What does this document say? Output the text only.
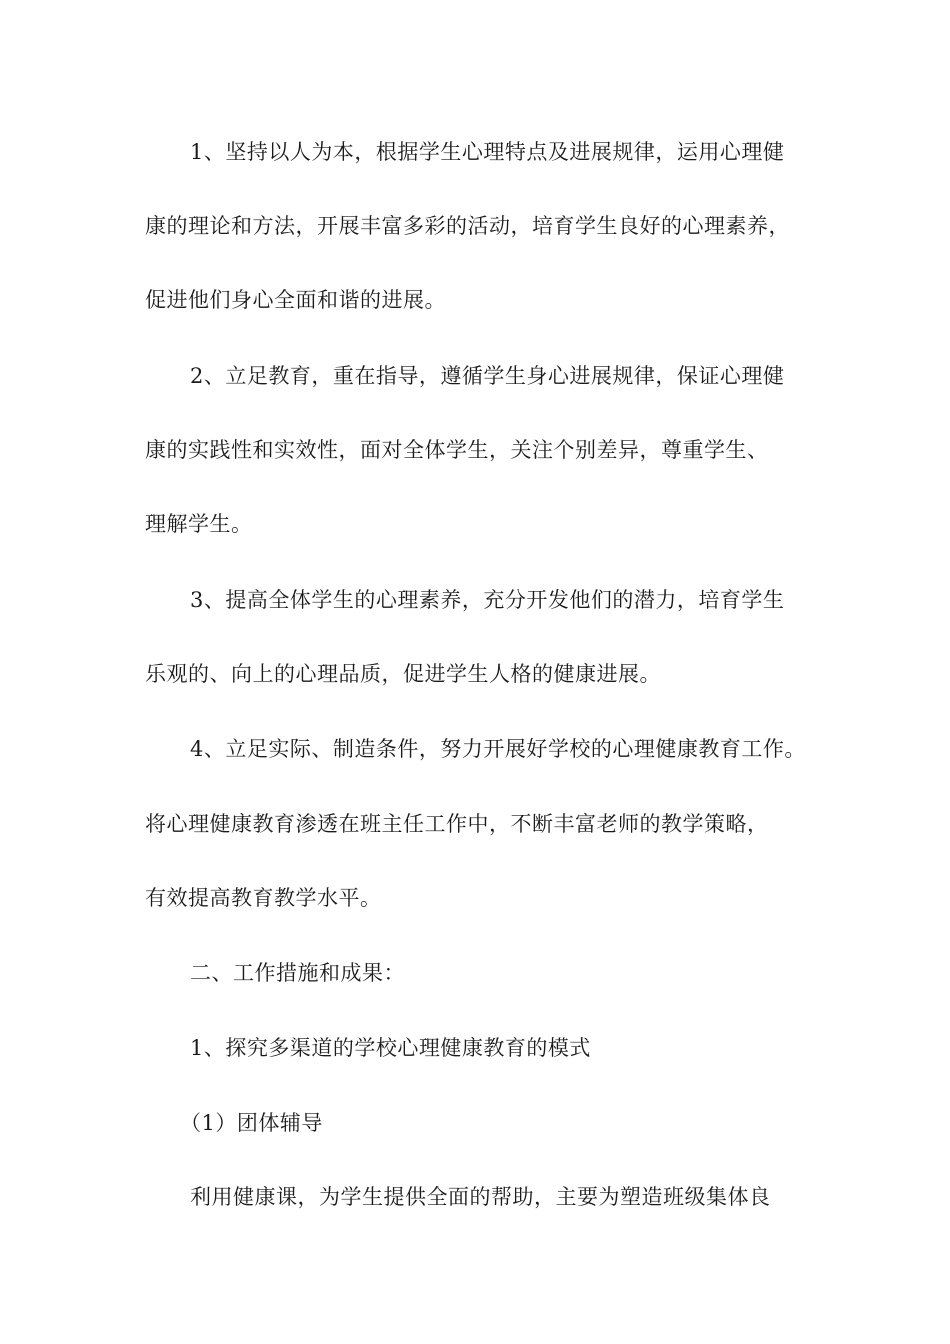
1、坚持以人为本，根据学生心理特点及进展规律，运用心理健
康的理论和方法，开展丰富多彩的活动，培育学生良好的心理素养，
促进他们身心全面和谐的进展。
2、立足教育，重在指导，遵循学生身心进展规律，保证心理健
康的实践性和实效性，面对全体学生，关注个别差异，尊重学生、
理解学生。
3、提高全体学生的心理素养，充分开发他们的潜力，培育学生
乐观的、向上的心理品质，促进学生人格的健康进展。
4、立足实际、制造条件，努力开展好学校的心理健康教育工作。
将心理健康教育渗透在班主任工作中，不断丰富老师的教学策略，
有效提高教育教学水平。
二、工作措施和成果：
1、探究多渠道的学校心理健康教育的模式
（1）团体辅导
利用健康课，为学生提供全面的帮助，主要为塑造班级集体良
